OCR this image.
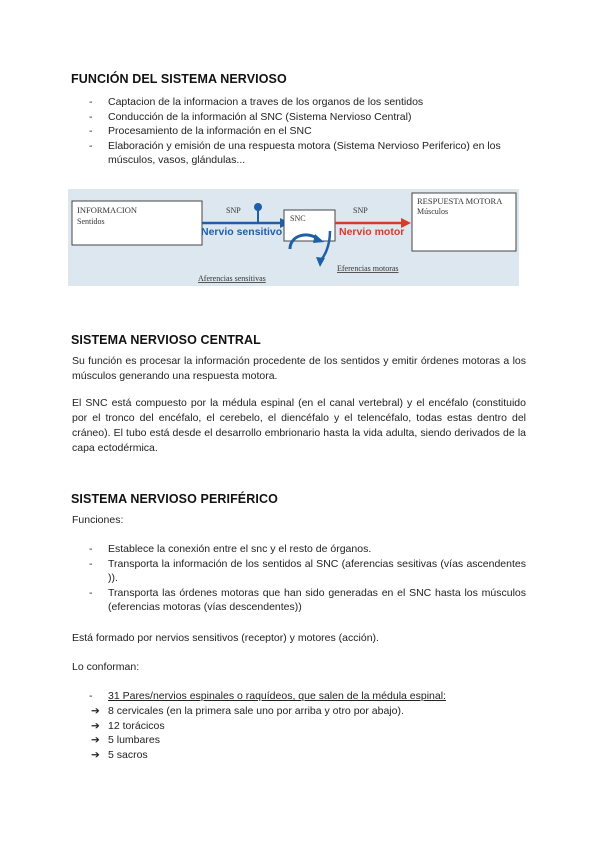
FUNCIÓN DEL SISTEMA NERVIOSO
- Captacion de la informacion a traves de los organos de los sentidos
- Conducción de la información al SNC (Sistema Nervioso Central)
- Procesamiento de la información en el SNC
- Elaboración y emisión de una respuesta motora (Sistema Nervioso Periferico) en los músculos, vasos, glándulas...
INFORMACION
Sentidos
SNP
Nervio sensitivo
SNC
SNP
Nervio motor
RESPUESTA MOTORA
Músculos
Aferencias sensitivas
Eferencias motoras
SISTEMA NERVIOSO CENTRAL

Su función es procesar la información procedente de los sentidos y emitir órdenes motoras a los músculos generando una respuesta motora.

El SNC está compuesto por la médula espinal (en el canal vertebral) y el encéfalo (constituido por el tronco del encéfalo, el cerebelo, el diencéfalo y el telencéfalo, todas estas dentro del cráneo). El tubo está desde el desarrollo embrionario hasta la vida adulta, siendo derivados de la capa ectodérmica.

SISTEMA NERVIOSO PERIFÉRICO

Funciones:

- Establece la conexión entre el snc y el resto de órganos.
- Transporta la información de los sentidos al SNC (aferencias sesitivas (vías ascendentes )).
- Transporta las órdenes motoras que han sido generadas en el SNC hasta los músculos (eferencias motoras (vías descendentes))

Está formado por nervios sensitivos (receptor) y motores (acción).

Lo conforman:

- 31 Pares/nervios espinales o raquídeos, que salen de la médula espinal:
➔ 8 cervicales (en la primera sale uno por arriba y otro por abajo).
➔ 12 torácicos
➔ 5 lumbares
➔ 5 sacros
